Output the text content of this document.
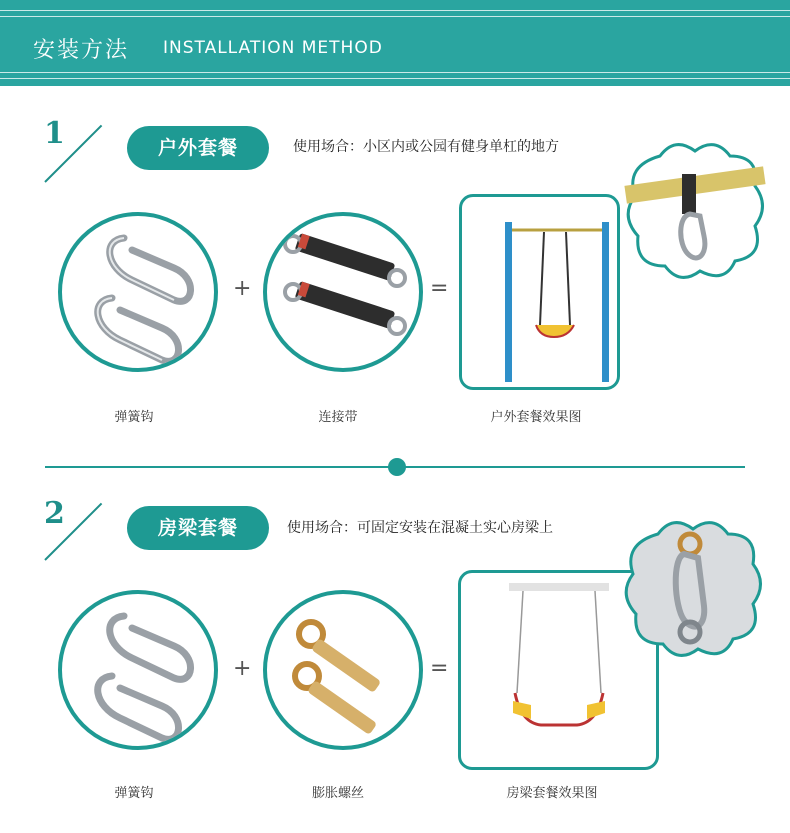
安装方法 INSTALLATION METHOD
1	户外套餐	使用场合：小区内或公园有健身单杠的地方
+	=
弹簧钩	连接带	户外套餐效果图
2	房梁套餐	使用场合：可固定安装在混凝土实心房梁上
+	=
弹簧钩	膨胀螺丝	房梁套餐效果图
